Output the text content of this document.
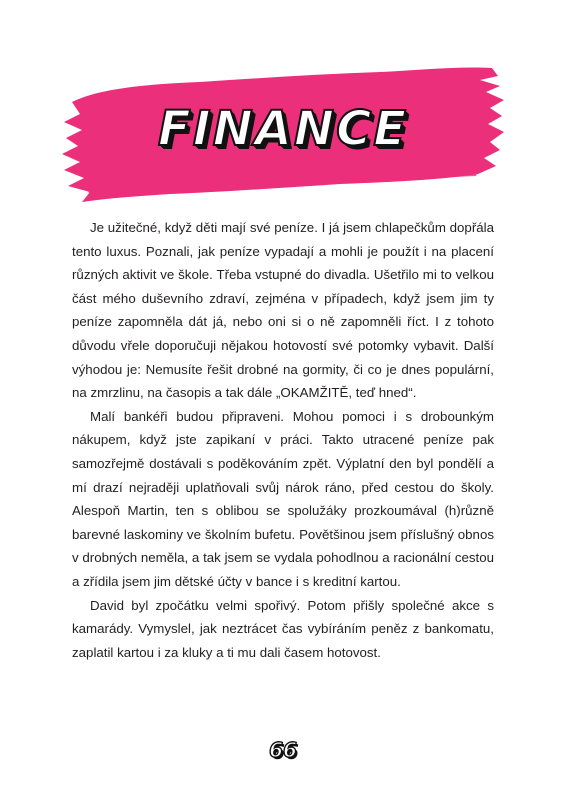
FINANCE

Je užitečné, když děti mají své peníze. I já jsem chlapečkům dopřála tento luxus. Poznali, jak peníze vypadají a mohli je použít i na placení různých aktivit ve škole. Třeba vstupné do divadla. Ušetřilo mi to velkou část mého duševního zdraví, zejména v případech, když jsem jim ty peníze zapomněla dát já, nebo oni si o ně zapomněli říct. I z tohoto důvodu vřele doporučuji nějakou hotovostí své potomky vybavit. Další výhodou je: Nemusíte řešit drobné na gormity, či co je dnes populární, na zmrzlinu, na časopis a tak dále „OKAMŽITĚ, teď hned“.

Malí bankéři budou připraveni. Mohou pomoci i s drobounkým nákupem, když jste zapikaní v práci. Takto utracené peníze pak samozřejmě dostávali s poděkováním zpět. Výplatní den byl pondělí a mí drazí nejraději uplatňovali svůj nárok ráno, před cestou do školy. Alespoň Martin, ten s oblibou se spolužáky prozkoumával (h)různě barevné laskominy ve školním bufetu. Povětšinou jsem příslušný obnos v drobných neměla, a tak jsem se vydala pohodlnou a racionální cestou a zřídila jsem jim dětské účty v bance i s kreditní kartou.

David byl zpočátku velmi spořivý. Potom přišly společné akce s kamarády. Vymyslel, jak neztrácet čas vybíráním peněz z bankomatu, zaplatil kartou i za kluky a ti mu dali časem hotovost.

66
